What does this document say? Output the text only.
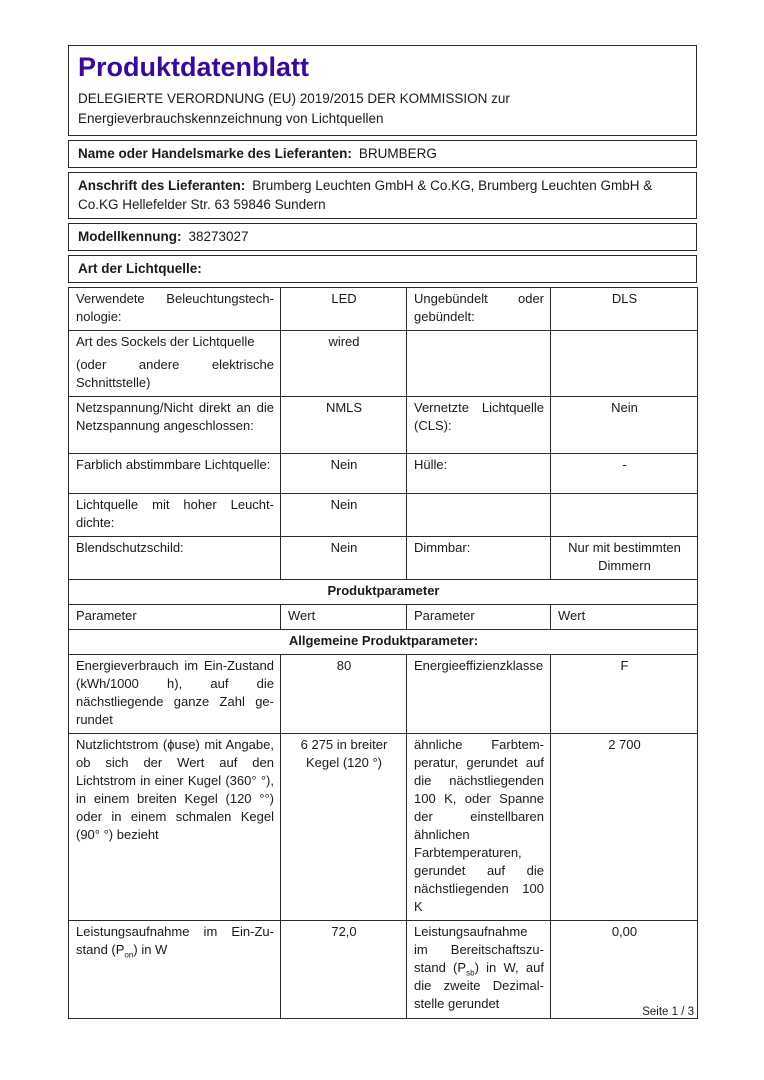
Produktdatenblatt
DELEGIERTE VERORDNUNG (EU) 2019/2015 DER KOMMISSION zur
Energieverbrauchskennzeichnung von Lichtquellen
Name oder Handelsmarke des Lieferanten: BRUMBERG
Anschrift des Lieferanten: Brumberg Leuchten GmbH & Co.KG, Brumberg Leuchten GmbH & Co.KG Hellefelder Str. 63 59846 Sundern
Modellkennung: 38273027
Art der Lichtquelle:
Verwendete Beleuchtungstechnologie:	LED	Ungebündelt oder gebündelt:	DLS

Art des Sockels der Lichtquelle
(oder andere elektrische Schnittstelle)	wired		
Netzspannung/Nicht direkt an die Netzspannung angeschlossen:	NMLS	Vernetzte Lichtquelle (CLS):	Nein
Farblich abstimmbare Lichtquelle:	Nein	Hülle:	-
Lichtquelle mit hoher Leuchtdichte:	Nein		
Blendschutzschild:	Nein	Dimmbar:	Nur mit bestimmten Dimmern
Produktparameter			
Parameter	Wert	Parameter	Wert
Allgemeine Produktparameter:			
Energieverbrauch im Ein-Zustand (kWh/1000 h), auf die nächstliegende ganze Zahl gerundet	80	Energieeffizienzklasse	F
Nutzlichtstrom (ϕuse) mit Angabe, ob sich der Wert auf den Lichtstrom in einer Kugel (360° °), in einem breiten Kegel (120 °°) oder in einem schmalen Kegel (90° °) bezieht	6 275 in breiter Kegel (120 °)	ähnliche Farbtemperatur, gerundet auf die nächstliegenden 100 K, oder Spanne der einstellbaren ähnlichen Farbtemperaturen, gerundet auf die nächstliegenden 100 K	2 700
Leistungsaufnahme im Ein-Zustand $(P_{on})$ in W	72,0	Leistungsaufnahme im Bereitschaftszustand $(P_{sb})$ in W, auf die zweite Dezimalstelle gerundet	0,00
Seite 1 / 3
